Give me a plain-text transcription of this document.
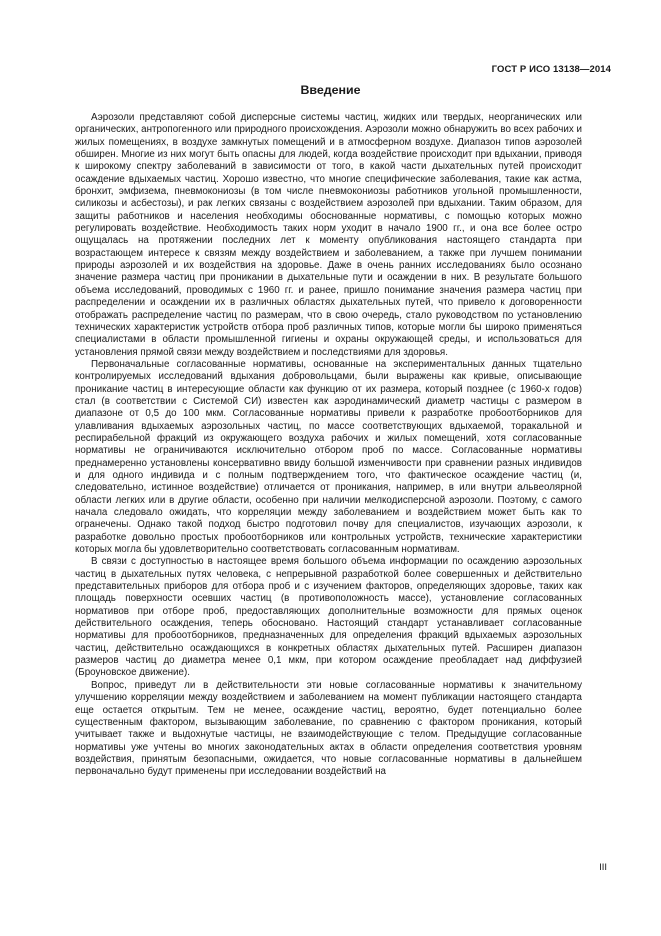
ГОСТ Р ИСО 13138—2014
Введение

Аэрозоли представляют собой дисперсные системы частиц, жидких или твердых, неорганических или органических, антропогенного или природного происхождения. Аэрозоли можно обнаружить во всех рабочих и жилых помещениях, в воздухе замкнутых помещений и в атмосферном воздухе. Диапазон типов аэрозолей обширен. Многие из них могут быть опасны для людей, когда воздействие происходит при вдыхании, приводя к широкому спектру заболеваний в зависимости от того, в какой части дыхательных путей происходит осаждение вдыхаемых частиц. Хорошо известно, что многие специфические заболевания, такие как астма, бронхит, эмфизема, пневмокониозы (в том числе пневмокониозы работников угольной промышленности, силикозы и асбестозы), и рак легких связаны с воздействием аэрозолей при вдыхании. Таким образом, для защиты работников и населения необходимы обоснованные нормативы, с помощью которых можно регулировать воздействие. Необходимость таких норм уходит в начало 1900 гг., и она все более остро ощущалась на протяжении последних лет к моменту опубликования настоящего стандарта при возрастающем интересе к связям между воздействием и заболеванием, а также при лучшем понимании природы аэрозолей и их воздействия на здоровье. Даже в очень ранних исследованиях было осознано значение размера частиц при проникании в дыхательные пути и осаждении в них. В результате большого объема исследований, проводимых с 1960 гг. и ранее, пришло понимание значения размера частиц при распределении и осаждении их в различных областях дыхательных путей, что привело к договоренности отображать распределение частиц по размерам, что в свою очередь, стало руководством по установлению технических характеристик устройств отбора проб различных типов, которые могли бы широко применяться специалистами в области промышленной гигиены и охраны окружающей среды, и использоваться для установления прямой связи между воздействием и последствиями для здоровья.

Первоначальные согласованные нормативы, основанные на экспериментальных данных тщательно контролируемых исследований вдыхания добровольцами, были выражены как кривые, описывающие проникание частиц в интересующие области как функцию от их размера, который позднее (с 1960-х годов) стал (в соответствии с Системой СИ) известен как аэродинамический диаметр частицы с размером в диапазоне от 0,5 до 100 мкм. Согласованные нормативы привели к разработке пробоотборников для улавливания вдыхаемых аэрозольных частиц, по массе соответствующих вдыхаемой, торакальной и респирабельной фракций из окружающего воздуха рабочих и жилых помещений, хотя согласованные нормативы не ограничиваются исключительно отбором проб по массе. Согласованные нормативы преднамеренно установлены консервативно ввиду большой изменчивости при сравнении разных индивидов и для одного индивида и с полным подтверждением того, что фактическое осаждение частиц (и, следовательно, истинное воздействие) отличается от проникания, например, в или внутри альвеолярной области легких или в другие области, особенно при наличии мелкодисперсной аэрозоли. Поэтому, с самого начала следовало ожидать, что корреляции между заболеванием и воздействием может быть как то огранечены. Однако такой подход быстро подготовил почву для специалистов, изучающих аэрозоли, к разработке довольно простых пробоотборников или контрольных устройств, технические характеристики которых могла бы удовлетворительно соответствовать согласованным нормативам.

В связи с доступностью в настоящее время большого объема информации по осаждению аэрозольных частиц в дыхательных путях человека, с непрерывной разработкой более совершенных и действительно представительных приборов для отбора проб и с изучением факторов, определяющих здоровье, таких как площадь поверхности осевших частиц (в противоположность массе), установление согласованных нормативов при отборе проб, предоставляющих дополнительные возможности для прямых оценок действительного осаждения, теперь обосновано. Настоящий стандарт устанавливает согласованные нормативы для пробоотборников, предназначенных для определения фракций вдыхаемых аэрозольных частиц, действительно осаждающихся в конкретных областях дыхательных путей. Расширен диапазон размеров частиц до диаметра менее 0,1 мкм, при котором осаждение преобладает над диффузией (Броуновское движение).

Вопрос, приведут ли в действительности эти новые согласованные нормативы к значительному улучшению корреляции между воздействием и заболеванием на момент публикации настоящего стандарта еще остается открытым. Тем не менее, осаждение частиц, вероятно, будет потенциально более существенным фактором, вызывающим заболевание, по сравнению с фактором проникания, который учитывает также и выдохнутые частицы, не взаимодействующие с телом. Предыдущие согласованные нормативы уже учтены во многих законодательных актах в области определения соответствия уровням воздействия, принятым безопасными, ожидается, что новые согласованные нормативы в дальнейшем первоначально будут применены при исследовании воздействий на

III
